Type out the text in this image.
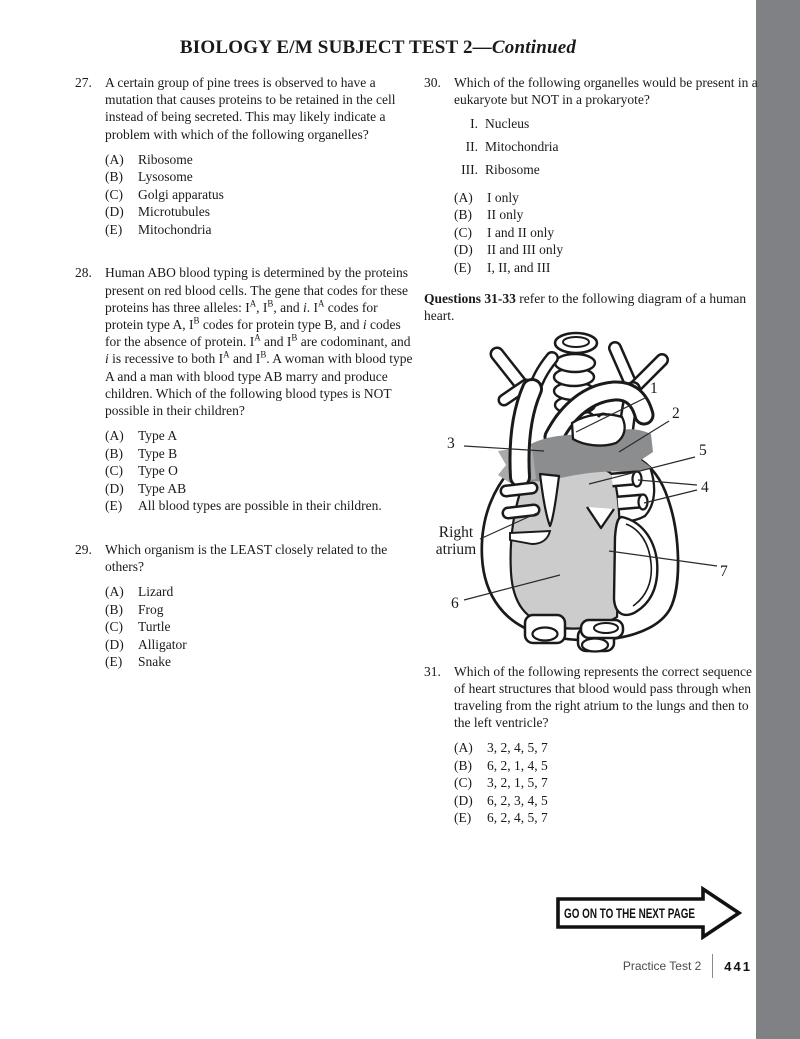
BIOLOGY E/M SUBJECT TEST 2—Continued
27. A certain group of pine trees is observed to have a mutation that causes proteins to be retained in the cell instead of being secreted. This may likely indicate a problem with which of the following organelles?
(A)	Ribosome
(B)	Lysosome
(C)	Golgi apparatus
(D)	Microtubules
(E)	Mitochondria
28. Human ABO blood typing is determined by the proteins present on red blood cells. The gene that codes for these proteins has three alleles: $I^A$, $I^B$, and i. $I^A$ codes for protein type A, $I^B$ codes for protein type B, and i codes for the absence of protein. $I^A$ and $I^B$ are codominant, and i is recessive to both $I^A$ and $I^B$. A woman with blood type A and a man with blood type AB marry and produce children. Which of the following blood types is NOT possible in their children?
(A)	Type A
(B)	Type B
(C)	Type O
(D)	Type AB
(E)	All blood types are possible in their children.
29. Which organism is the LEAST closely related to the others?
(A)	Lizard
(B)	Frog
(C)	Turtle
(D)	Alligator
(E)	Snake
30. Which of the following organelles would be present in a eukaryote but NOT in a prokaryote?
I. Nucleus
II. Mitochondria
III. Ribosome
(A)	I only
(B)	II only
(C)	I and II only
(D)	II and III only
(E)	I, II, and III
Questions 31-33 refer to the following diagram of a human heart.
1
2
3	5
4
6
7
Right
atrium
31. Which of the following represents the correct sequence of heart structures that blood would pass through when traveling from the right atrium to the lungs and then to the left ventricle?
(A)	3, 2, 4, 5, 7
(B)	6, 2, 1, 4, 5
(C)	3, 2, 1, 5, 7
(D)	6, 2, 3, 4, 5
(E)	6, 2, 4, 5, 7
GO ON TO THE NEXT PAGE
Practice Test 2 441
